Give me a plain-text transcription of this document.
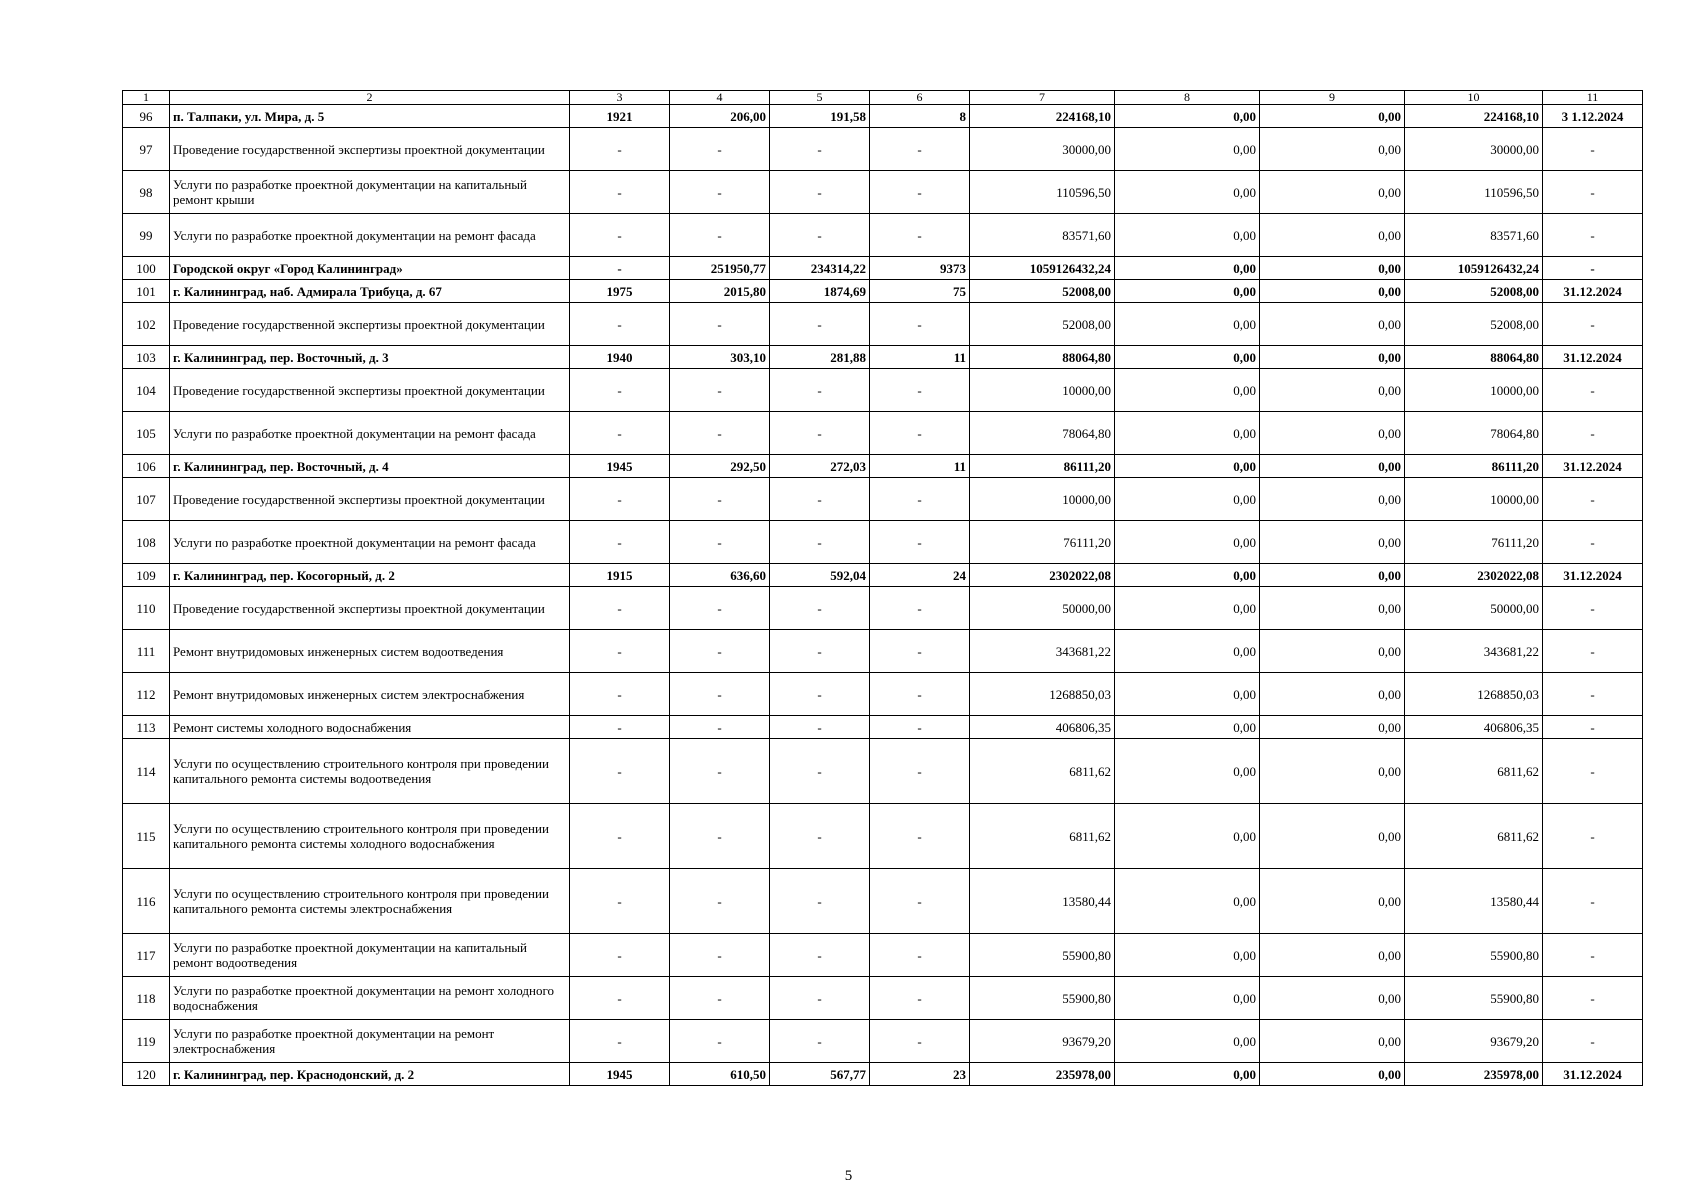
1	2	3	4	5	6	7	8	9	10	11
96	п. Талпаки, ул. Мира, д. 5	1921	206,00	191,58	8	224168,10	0,00	0,00	224168,10	3 1.12.2024
97	Проведение государственной экспертизы проектной документации	-	-	-	-	30000,00	0,00	0,00	30000,00	-
98	Услуги по разработке проектной документации на капитальный ремонт крыши	-	-	-	-	110596,50	0,00	0,00	110596,50	-
99	Услуги по разработке проектной документации на ремонт фасада	-	-	-	-	83571,60	0,00	0,00	83571,60	-
100	Городской округ «Город Калининград»	-	251950,77	234314,22	9373	1059126432,24	0,00	0,00	1059126432,24	-
101	г. Калининград, наб. Адмирала Трибуца, д. 67	1975	2015,80	1874,69	75	52008,00	0,00	0,00	52008,00	31.12.2024
102	Проведение государственной экспертизы проектной документации	-	-	-	-	52008,00	0,00	0,00	52008,00	-
103	г. Калининград, пер. Восточный, д. 3	1940	303,10	281,88	11	88064,80	0,00	0,00	88064,80	31.12.2024
104	Проведение государственной экспертизы проектной документации	-	-	-	-	10000,00	0,00	0,00	10000,00	-
105	Услуги по разработке проектной документации на ремонт фасада	-	-	-	-	78064,80	0,00	0,00	78064,80	-
106	г. Калининград, пер. Восточный, д. 4	1945	292,50	272,03	11	86111,20	0,00	0,00	86111,20	31.12.2024
107	Проведение государственной экспертизы проектной документации	-	-	-	-	10000,00	0,00	0,00	10000,00	-
108	Услуги по разработке проектной документации на ремонт фасада	-	-	-	-	76111,20	0,00	0,00	76111,20	-
109	г. Калининград, пер. Косогорный, д. 2	1915	636,60	592,04	24	2302022,08	0,00	0,00	2302022,08	31.12.2024
110	Проведение государственной экспертизы проектной документации	-	-	-	-	50000,00	0,00	0,00	50000,00	-
111	Ремонт внутридомовых инженерных систем водоотведения	-	-	-	-	343681,22	0,00	0,00	343681,22	-
112	Ремонт внутридомовых инженерных систем электроснабжения	-	-	-	-	1268850,03	0,00	0,00	1268850,03	-
113	Ремонт системы холодного водоснабжения	-	-	-	-	406806,35	0,00	0,00	406806,35	-
114	Услуги по осуществлению строительного контроля при проведении капитального ремонта системы водоотведения	-	-	-	-	6811,62	0,00	0,00	6811,62	-
115	Услуги по осуществлению строительного контроля при проведении капитального ремонта системы холодного водоснабжения	-	-	-	-	6811,62	0,00	0,00	6811,62	-
116	Услуги по осуществлению строительного контроля при проведении капитального ремонта системы электроснабжения	-	-	-	-	13580,44	0,00	0,00	13580,44	-
117	Услуги по разработке проектной документации на капитальный ремонт водоотведения	-	-	-	-	55900,80	0,00	0,00	55900,80	-
118	Услуги по разработке проектной документации на ремонт холодного водоснабжения	-	-	-	-	55900,80	0,00	0,00	55900,80	-
119	Услуги по разработке проектной документации на ремонт электроснабжения	-	-	-	-	93679,20	0,00	0,00	93679,20	-
120	г. Калининград, пер. Краснодонский, д. 2	1945	610,50	567,77	23	235978,00	0,00	0,00	235978,00	31.12.2024
5
